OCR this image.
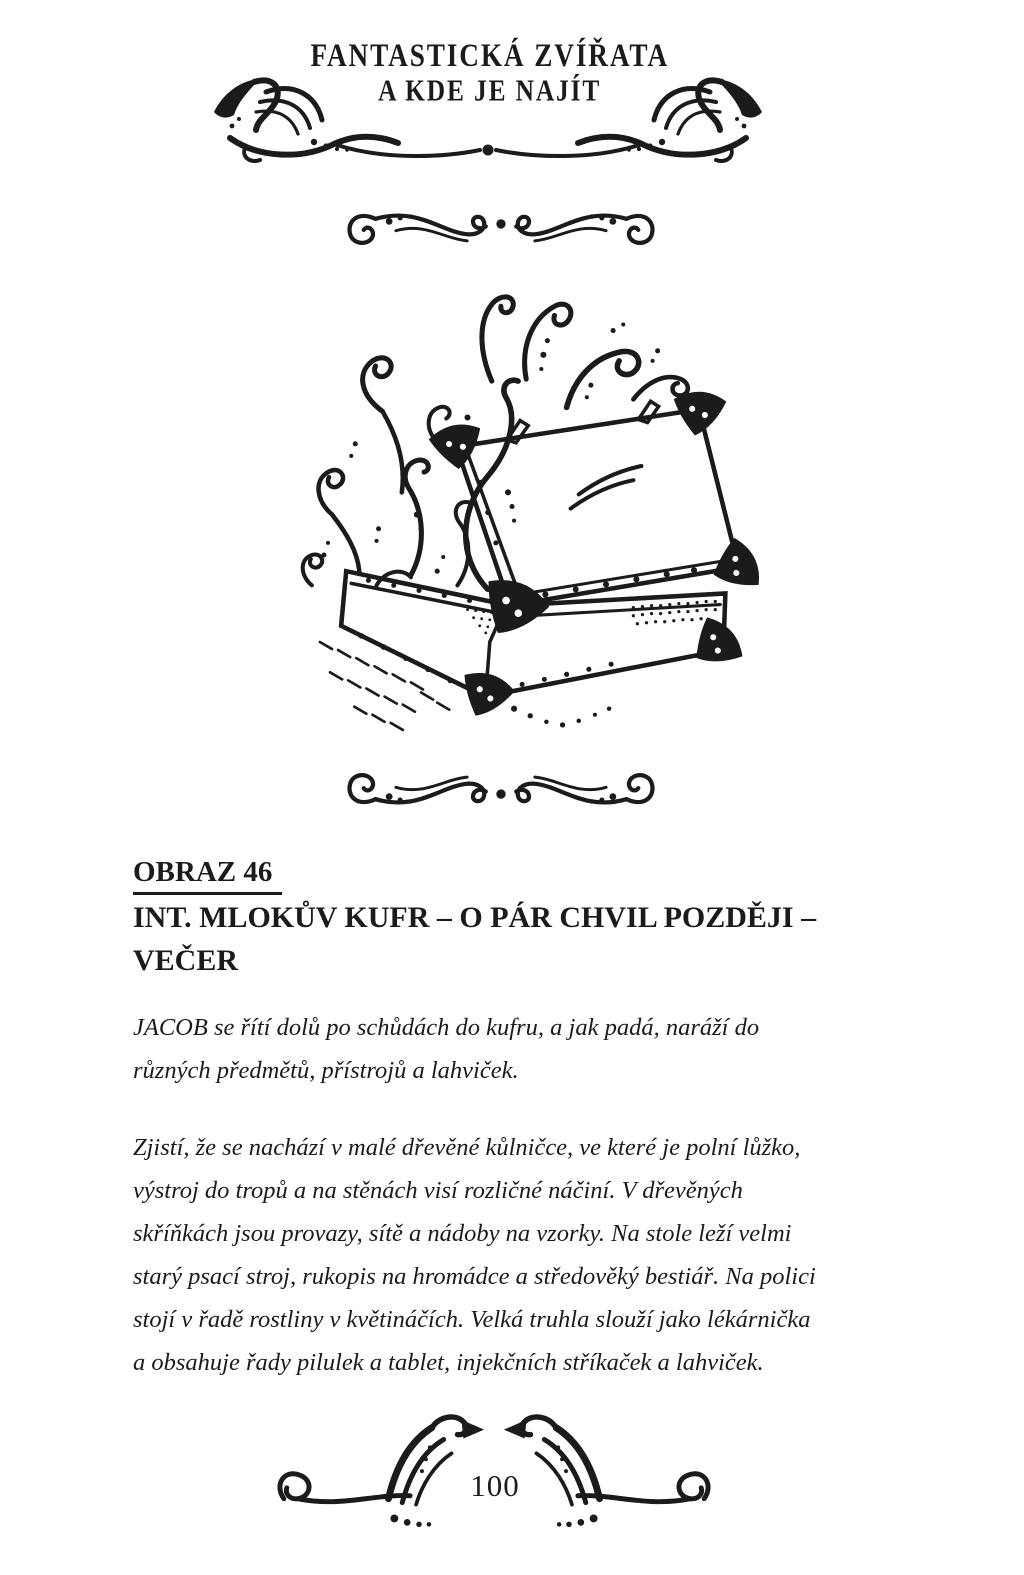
FANTASTICKÁ ZVÍŘATA
A KDE JE NAJÍT
OBRAZ 46
INT. MLOKŮV KUFR – O PÁR CHVIL POZDĚJI –
VEČER
JACOB se řítí dolů po schůdách do kufru, a jak padá, naráží do
různých předmětů, přístrojů a lahviček.
Zjistí, že se nachází v malé dřevěné kůlničce, ve které je polní lůžko,
výstroj do tropů a na stěnách visí rozličné náčiní. V dřevěných
skříňkách jsou provazy, sítě a nádoby na vzorky. Na stole leží velmi
starý psací stroj, rukopis na hromádce a středověký bestiář. Na polici
stojí v řadě rostliny v květináčích. Velká truhla slouží jako lékárnička
a obsahuje řady pilulek a tablet, injekčních stříkaček a lahviček.
100
